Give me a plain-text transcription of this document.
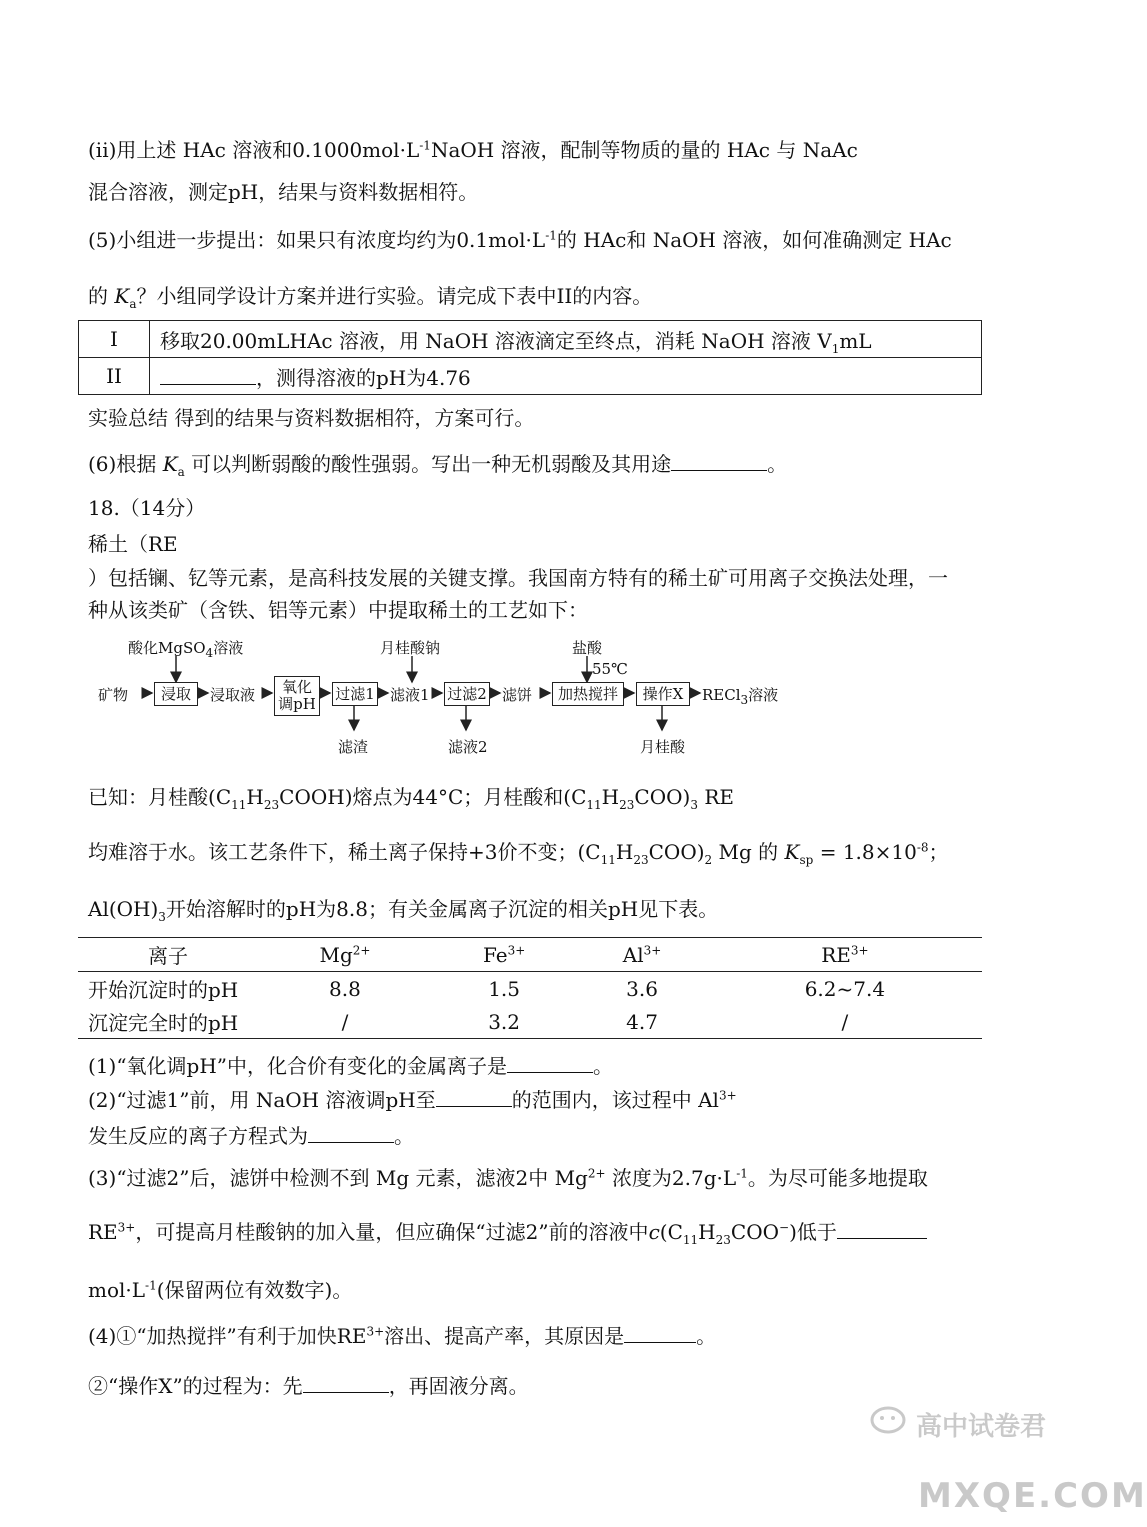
(ii)用上述 HAc 溶液和$0.1000mol\cdot L^{-1}NaOH$ 溶液，配制等物质的量的 HAc 与 NaAc
混合溶液，测定pH，结果与资料数据相符。
(5)小组进一步提出：如果只有浓度均约为$0.1mol\cdot L^{-1}$的 HAc和 NaOH 溶液，如何准确测定 HAc
的 $K_a$？小组同学设计方案并进行实验。请完成下表中II的内容。
I	移取20.00mLHAc 溶液，用 NaOH 溶液滴定至终点，消耗 NaOH 溶液 $V_1mL$
II	，测得溶液的pH为4.76
实验总结 得到的结果与资料数据相符，方案可行。
(6)根据 $K_a$ 可以判断弱酸的酸性强弱。写出一种无机弱酸及其用途	。
18.（14分）
稀土（RE
）包括镧、钇等元素，是高科技发展的关键支撑。我国南方特有的稀土矿可用离子交换法处理，一
种从该类矿（含铁、铝等元素）中提取稀土的工艺如下：
酸化MgSO$_4$溶液
矿物	浸取	浸取液 氧化
调pH
过滤1 滤液1
月桂酸钠
过滤2 滤饼
盐酸
55℃
加热搅拌	操作X	RECl$_3$溶液
滤渣	滤液2	月桂酸
已知：月桂酸$(C_{11}H_{23}COOH)$熔点为44°C；月桂酸和$(C_{11}H_{23}COO)_3$ RE
均难溶于水。该工艺条件下，稀土离子保持+3价不变；$(C_{11}H_{23}COO)_2$ Mg 的 $K_{sp} = 1.8\times 10^{-8}$；
$Al(OH)_3$开始溶解时的pH为8.8；有关金属离子沉淀的相关pH见下表。
离子	$Mg^{2+}$	$Fe^{3+}$	$Al^{3+}$	$RE^{3+}$
开始沉淀时的pH	8.8	1.5	3.6	6.2~7.4
沉淀完全时的pH	/	3.2	4.7	/
(1)“氧化调pH”中，化合价有变化的金属离子是	。
(2)“过滤1”前，用 NaOH 溶液调pH至	的范围内，该过程中 $Al^{3+}$
发生反应的离子方程式为	。
(3)“过滤2”后，滤饼中检测不到 Mg 元素，滤液2中 $Mg^{2+}$ 浓度为$2.7g\cdot L^{-1}$。为尽可能多地提取
$RE^{3+}$，可提高月桂酸钠的加入量，但应确保“过滤2”前的溶液中$c(C_{11}H_{23}COO^-)$低于
$mol\cdot L^{-1}$(保留两位有效数字)。
(4)①“加热搅拌”有利于加快$RE^{3+}$溶出、提高产率，其原因是	。
②“操作X”的过程为：先	，再固液分离。
高中试卷君
MXQE.COM
